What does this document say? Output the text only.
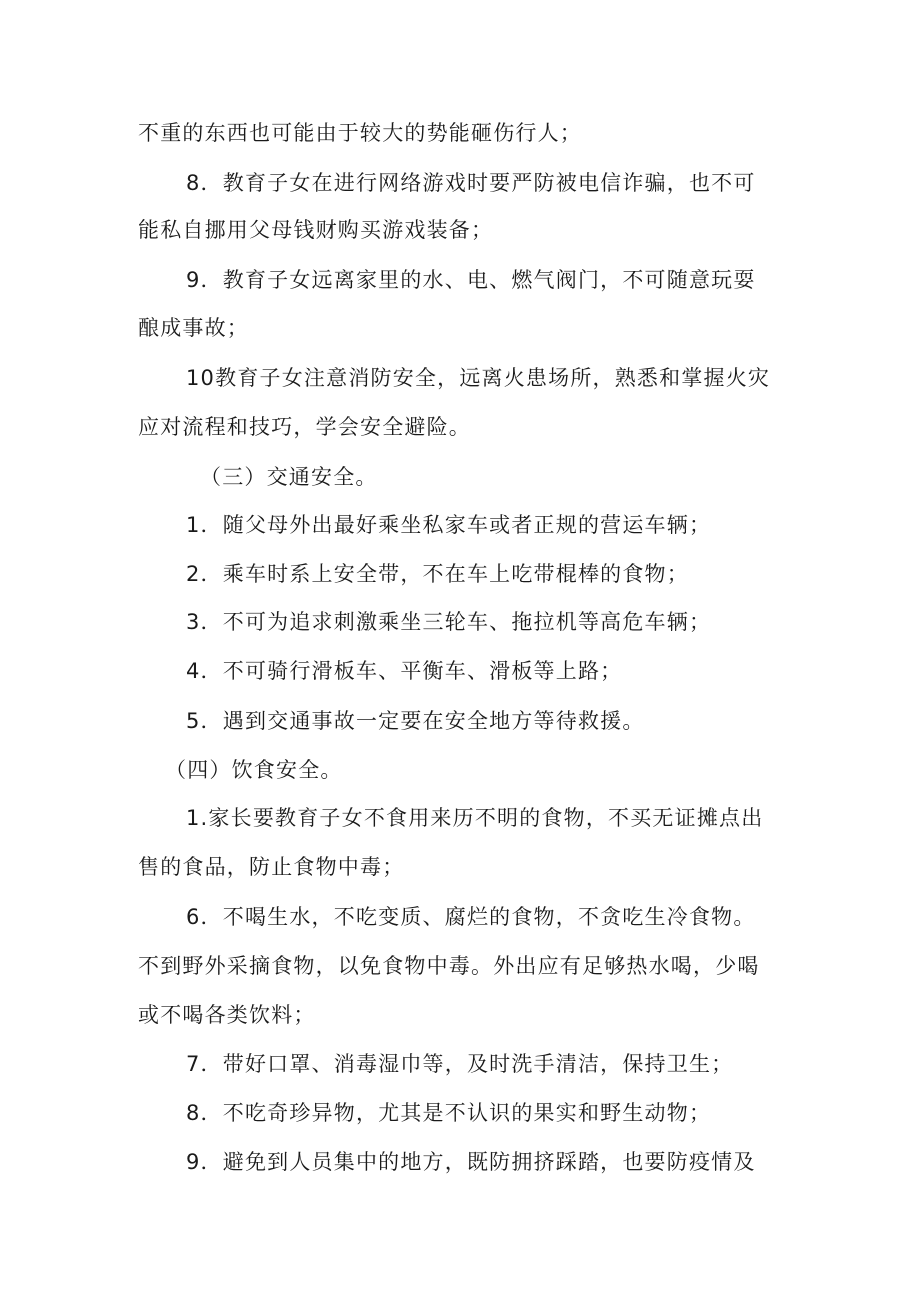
不重的东西也可能由于较大的势能砸伤行人；
8．教育子女在进行网络游戏时要严防被电信诈骗，也不可
能私自挪用父母钱财购买游戏装备；
9．教育子女远离家里的水、电、燃气阀门，不可随意玩耍
酿成事故；
10教育子女注意消防安全，远离火患场所，熟悉和掌握火灾
应对流程和技巧，学会安全避险。
（三）交通安全。
1．随父母外出最好乘坐私家车或者正规的营运车辆；
2．乘车时系上安全带，不在车上吃带棍棒的食物；
3．不可为追求刺激乘坐三轮车、拖拉机等高危车辆；
4．不可骑行滑板车、平衡车、滑板等上路；
5．遇到交通事故一定要在安全地方等待救援。
（四）饮食安全。
1.家长要教育子女不食用来历不明的食物，不买无证摊点出
售的食品，防止食物中毒；
6．不喝生水，不吃变质、腐烂的食物，不贪吃生冷食物。
不到野外采摘食物，以免食物中毒。外出应有足够热水喝，少喝
或不喝各类饮料；
7．带好口罩、消毒湿巾等，及时洗手清洁，保持卫生；
8．不吃奇珍异物，尤其是不认识的果实和野生动物；
9．避免到人员集中的地方，既防拥挤踩踏，也要防疫情及
